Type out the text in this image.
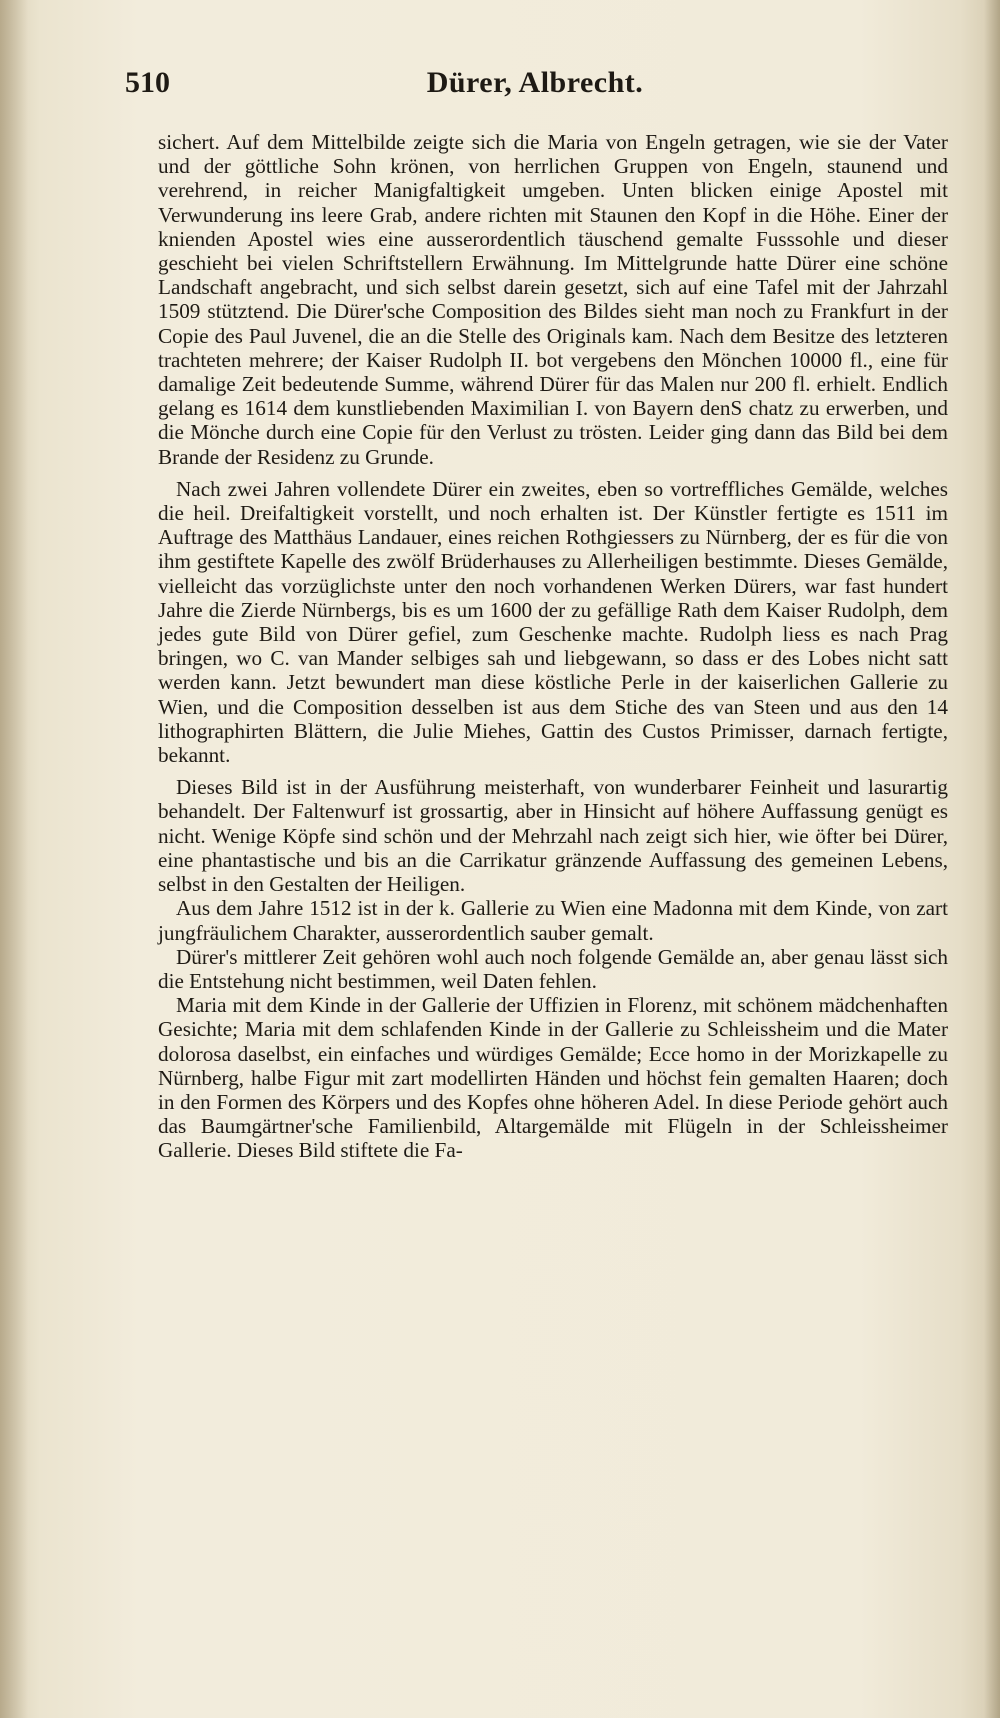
510	Dürer, Albrecht.

sichert. Auf dem Mittelbilde zeigte sich die Maria von Engeln getragen, wie sie der Vater und der göttliche Sohn krönen, von herrlichen Gruppen von Engeln, staunend und verehrend, in reicher Manigfaltigkeit umgeben. Unten blicken einige Apostel mit Verwunderung ins leere Grab, andere richten mit Staunen den Kopf in die Höhe. Einer der knienden Apostel wies eine ausserordentlich täuschend gemalte Fusssohle und dieser geschieht bei vielen Schriftstellern Erwähnung. Im Mittelgrunde hatte Dürer eine schöne Landschaft angebracht, und sich selbst darein gesetzt, sich auf eine Tafel mit der Jahrzahl 1509 stütztend. Die Dürer'sche Composition des Bildes sieht man noch zu Frankfurt in der Copie des Paul Juvenel, die an die Stelle des Originals kam. Nach dem Besitze des letzteren trachteten mehrere; der Kaiser Rudolph II. bot vergebens den Mönchen 10000 fl., eine für damalige Zeit bedeutende Summe, während Dürer für das Malen nur 200 fl. erhielt. Endlich gelang es 1614 dem kunstliebenden Maximilian I. von Bayern denS chatz zu erwerben, und die Mönche durch eine Copie für den Verlust zu trösten. Leider ging dann das Bild bei dem Brande der Residenz zu Grunde.

Nach zwei Jahren vollendete Dürer ein zweites, eben so vortreffliches Gemälde, welches die heil. Dreifaltigkeit vorstellt, und noch erhalten ist. Der Künstler fertigte es 1511 im Auftrage des Matthäus Landauer, eines reichen Rothgiessers zu Nürnberg, der es für die von ihm gestiftete Kapelle des zwölf Brüderhauses zu Allerheiligen bestimmte. Dieses Gemälde, vielleicht das vorzüglichste unter den noch vorhandenen Werken Dürers, war fast hundert Jahre die Zierde Nürnbergs, bis es um 1600 der zu gefällige Rath dem Kaiser Rudolph, dem jedes gute Bild von Dürer gefiel, zum Geschenke machte. Rudolph liess es nach Prag bringen, wo C. van Mander selbiges sah und liebgewann, so dass er des Lobes nicht satt werden kann. Jetzt bewundert man diese köstliche Perle in der kaiserlichen Gallerie zu Wien, und die Composition desselben ist aus dem Stiche des van Steen und aus den 14 lithographirten Blättern, die Julie Miehes, Gattin des Custos Primisser, darnach fertigte, bekannt.

Dieses Bild ist in der Ausführung meisterhaft, von wunderbarer Feinheit und lasurartig behandelt. Der Faltenwurf ist grossartig, aber in Hinsicht auf höhere Auffassung genügt es nicht. Wenige Köpfe sind schön und der Mehrzahl nach zeigt sich hier, wie öfter bei Dürer, eine phantastische und bis an die Carrikatur gränzende Auffassung des gemeinen Lebens, selbst in den Gestalten der Heiligen.

Aus dem Jahre 1512 ist in der k. Gallerie zu Wien eine Madonna mit dem Kinde, von zart jungfräulichem Charakter, ausserordentlich sauber gemalt.

Dürer's mittlerer Zeit gehören wohl auch noch folgende Gemälde an, aber genau lässt sich die Entstehung nicht bestimmen, weil Daten fehlen.

Maria mit dem Kinde in der Gallerie der Uffizien in Florenz, mit schönem mädchenhaften Gesichte; Maria mit dem schlafenden Kinde in der Gallerie zu Schleissheim und die Mater dolorosa daselbst, ein einfaches und würdiges Gemälde; Ecce homo in der Morizkapelle zu Nürnberg, halbe Figur mit zart modellirten Händen und höchst fein gemalten Haaren; doch in den Formen des Körpers und des Kopfes ohne höheren Adel. In diese Periode gehört auch das Baumgärtner'sche Familienbild, Altargemälde mit Flügeln in der Schleissheimer Gallerie. Dieses Bild stiftete die Fa-
